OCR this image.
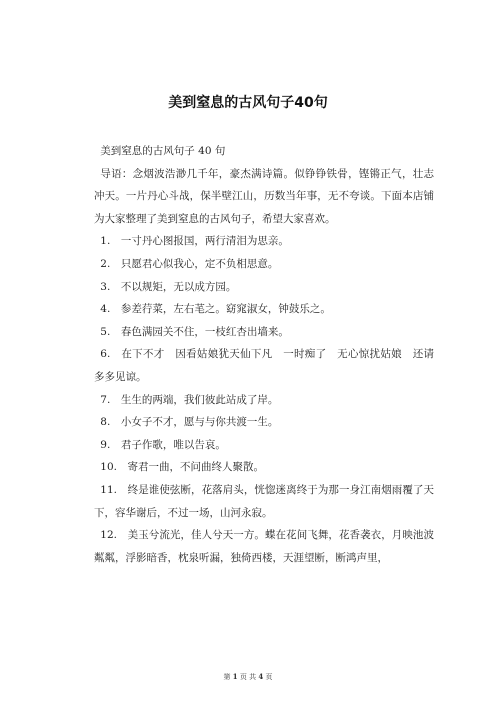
美到窒息的古风句子40句

美到窒息的古风句子 40 句

导语：念烟波浩渺几千年，豪杰满诗篇。似铮铮铁骨，铿锵正气，壮志冲天。一片丹心斗战，保半壁江山，历数当年事，无不夸谈。下面本店铺为大家整理了美到窒息的古风句子，希望大家喜欢。

1.　一寸丹心图报国，两行清泪为思亲。

2.　只愿君心似我心，定不负相思意。

3.　不以规矩，无以成方园。

4.　参差荇菜，左右芼之。窈窕淑女，钟鼓乐之。

5.　春色满园关不住，一枝红杏出墙来。

6.　在下不才　因看姑娘犹天仙下凡　一时痴了　无心惊扰姑娘　还请多多见谅。

7.　生生的两端，我们彼此站成了岸。

8.　小女子不才，愿与与你共渡一生。

9.　君子作歌，唯以告哀。

10.　寄君一曲，不问曲终人聚散。

11.　终是谁使弦断，花落肩头，恍惚迷离终于为那一身江南烟雨覆了天下，容华谢后，不过一场，山河永寂。

12.　美玉兮流光，佳人兮天一方。蝶在花间飞舞，花香袭衣，月映池波粼粼，浮影暗香，枕泉听漏，独倚西楼，天涯望断，断鸿声里，

第 1 页 共 4 页
